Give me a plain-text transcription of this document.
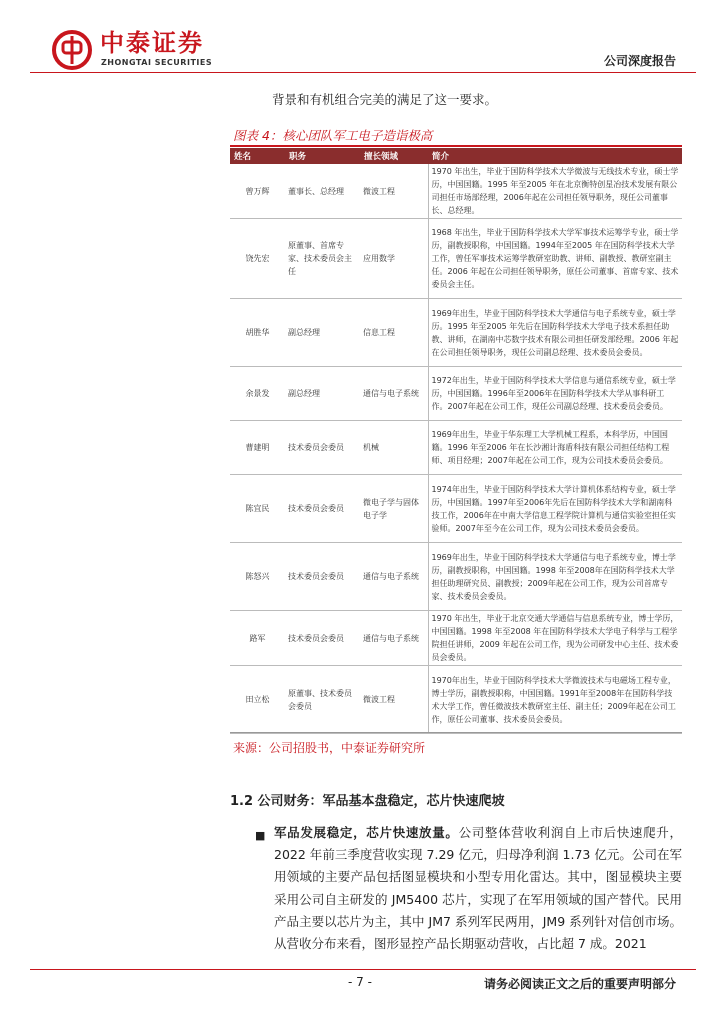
中泰证券
ZHONGTAI SECURITIES	公司深度报告
背景和有机组合完美的满足了这一要求。
图表 4：核心团队军工电子造诣极高
姓名	职务	擅长领域	简介
曾万辉	董事长、总经理	微波工程	1970 年出生，毕业于国防科学技术大学微波与无线技术专业，硕士学历，中国国籍。1995 年至2005 年在北京衡特创星冶技术发展有限公司担任市场部经理，2006年起在公司担任领导职务，现任公司董事长、总经理。
饶先宏	原董事、首席专家、技术委员会主任	应用数学	1968 年出生，毕业于国防科学技术大学军事技术运筹学专业，硕士学历，副教授职称，中国国籍。1994年至2005 年在国防科学技术大学工作，曾任军事技术运筹学教研室助教、讲师、副教授、教研室副主任。2006 年起在公司担任领导职务，原任公司董事、首席专家、技术委员会主任。
胡胜华	副总经理	信息工程	1969年出生，毕业于国防科学技术大学通信与电子系统专业，硕士学历。1995 年至2005 年先后在国防科学技术大学电子技术系担任助教、讲师，在湖南中芯数字技术有限公司担任研发部经理。2006 年起在公司担任领导职务，现任公司副总经理、技术委员会委员。
余景发	副总经理	通信与电子系统	1972年出生，毕业于国防科学技术大学信息与通信系统专业，硕士学历，中国国籍。1996年至2006年在国防科学技术大学从事科研工作。2007年起在公司工作，现任公司副总经理、技术委员会委员。
曹建明	技术委员会委员	机械	1969年出生，毕业于华东理工大学机械工程系，本科学历，中国国籍。1996 年至2006 年在长沙湘计海盾科技有限公司担任结构工程师、项目经理；2007年起在公司工作，现为公司技术委员会委员。
陈宜民	技术委员会委员	微电子学与固体电子学	1974年出生，毕业于国防科学技术大学计算机体系结构专业，硕士学历，中国国籍。1997年至2006年先后在国防科学技术大学和湖南科技工作，2006年在中南大学信息工程学院计算机与通信实验室担任实验师。2007年至今在公司工作，现为公司技术委员会委员。
陈怒兴	技术委员会委员	通信与电子系统	1969年出生，毕业于国防科学技术大学通信与电子系统专业，博士学历，副教授职称，中国国籍。1998 年至2008年在国防科学技术大学担任助理研究员、副教授；2009年起在公司工作，现为公司首席专家、技术委员会委员。
路军	技术委员会委员	通信与电子系统	1970 年出生，毕业于北京交通大学通信与信息系统专业，博士学历，中国国籍。1998 年至2008 年在国防科学技术大学电子科学与工程学院担任讲师，2009 年起在公司工作，现为公司研发中心主任、技术委员会委员。
田立松	原董事、技术委员会委员	微波工程	1970年出生，毕业于国防科学技术大学微波技术与电磁场工程专业，博士学历，副教授职称，中国国籍。1991年至2008年在国防科学技术大学工作，曾任微波技术教研室主任、副主任；2009年起在公司工作，原任公司董事、技术委员会委员。
来源：公司招股书，中泰证券研究所
1.2 公司财务：军品基本盘稳定，芯片快速爬坡
■ 军品发展稳定，芯片快速放量。公司整体营收利润自上市后快速爬升，2022 年前三季度营收实现 7.29 亿元，归母净利润 1.73 亿元。公司在军用领域的主要产品包括图显模块和小型专用化雷达。其中，图显模块主要采用公司自主研发的 JM5400 芯片，实现了在军用领域的国产替代。民用产品主要以芯片为主，其中 JM7 系列军民两用，JM9 系列针对信创市场。从营收分布来看，图形显控产品长期驱动营收，占比超 7 成。2021
- 7 -	请务必阅读正文之后的重要声明部分
